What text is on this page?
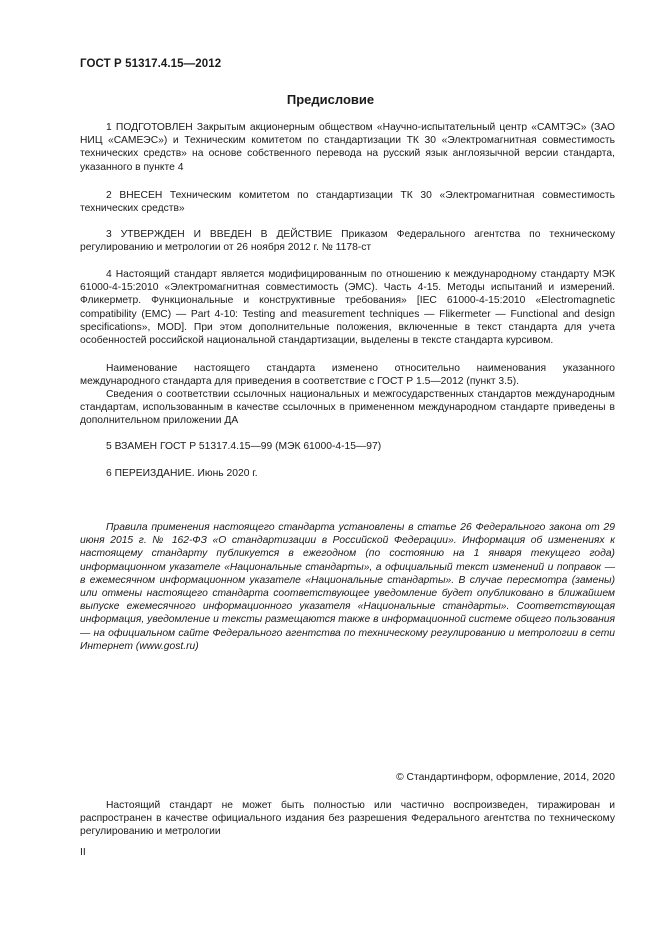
ГОСТ Р 51317.4.15—2012
Предисловие

1 ПОДГОТОВЛЕН Закрытым акционерным обществом «Научно-испытательный центр «САМТЭС» (ЗАО НИЦ «САМЕЭС») и Техническим комитетом по стандартизации ТК 30 «Электромагнитная совместимость технических средств» на основе собственного перевода на русский язык англоязычной версии стандарта, указанного в пункте 4

2 ВНЕСЕН Техническим комитетом по стандартизации ТК 30 «Электромагнитная совместимость технических средств»

3 УТВЕРЖДЕН И ВВЕДЕН В ДЕЙСТВИЕ Приказом Федерального агентства по техническому регулированию и метрологии от 26 ноября 2012 г. № 1178-ст

4 Настоящий стандарт является модифицированным по отношению к международному стандарту МЭК 61000-4-15:2010 «Электромагнитная совместимость (ЭМС). Часть 4-15. Методы испытаний и измерений. Фликерметр. Функциональные и конструктивные требования» [IEC 61000-4-15:2010 «Electromagnetic compatibility (EMC) — Part 4-10: Testing and measurement techniques — Flikermeter — Functional and design specifications», MOD]. При этом дополнительные положения, включенные в текст стандарта для учета особенностей российской национальной стандартизации, выделены в тексте стандарта курсивом.

Наименование настоящего стандарта изменено относительно наименования указанного международного стандарта для приведения в соответствие с ГОСТ Р 1.5—2012 (пункт 3.5).

Сведения о соответствии ссылочных национальных и межгосударственных стандартов международным стандартам, использованным в качестве ссылочных в примененном международном стандарте приведены в дополнительном приложении ДА

5 ВЗАМЕН ГОСТ Р 51317.4.15—99 (МЭК 61000-4-15—97)

6 ПЕРЕИЗДАНИЕ. Июнь 2020 г.

Правила применения настоящего стандарта установлены в статье 26 Федерального закона от 29 июня 2015 г. № 162-ФЗ «О стандартизации в Российской Федерации». Информация об изменениях к настоящему стандарту публикуется в ежегодном (по состоянию на 1 января текущего года) информационном указателе «Национальные стандарты», а официальный текст изменений и поправок — в ежемесячном информационном указателе «Национальные стандарты». В случае пересмотра (замены) или отмены настоящего стандарта соответствующее уведомление будет опубликовано в ближайшем выпуске ежемесячного информационного указателя «Национальные стандарты». Соответствующая информация, уведомление и тексты размещаются также в информационной системе общего пользования — на официальном сайте Федерального агентства по техническому регулированию и метрологии в сети Интернет (www.gost.ru)

© Стандартинформ, оформление, 2014, 2020

Настоящий стандарт не может быть полностью или частично воспроизведен, тиражирован и распространен в качестве официального издания без разрешения Федерального агентства по техническому регулированию и метрологии

II
